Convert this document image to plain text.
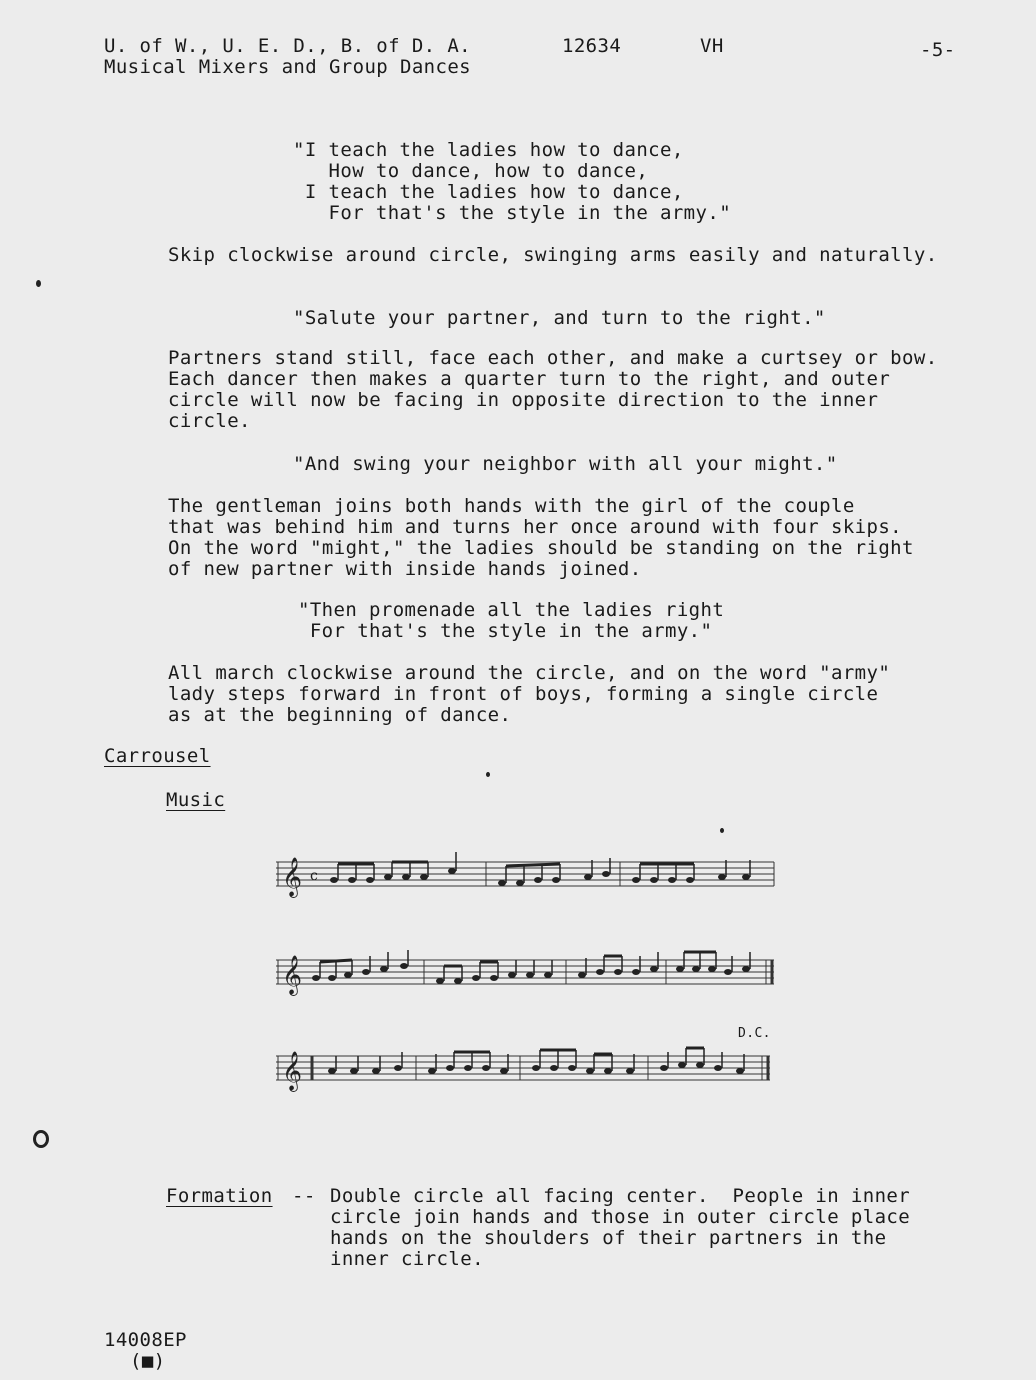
U. of W., U. E. D., B. of D. A.	12634	VH	-5-
Musical Mixers and Group Dances
"I teach the ladies how to dance,
How to dance, how to dance,
I teach the ladies how to dance,
For that's the style in the army."
Skip clockwise around circle, swinging arms easily and naturally.
"Salute your partner, and turn to the right."
Partners stand still, face each other, and make a curtsey or bow.
Each dancer then makes a quarter turn to the right, and outer
circle will now be facing in opposite direction to the inner
circle.
"And swing your neighbor with all your might."
The gentleman joins both hands with the girl of the couple
that was behind him and turns her once around with four skips.
On the word "might," the ladies should be standing on the right
of new partner with inside hands joined.
"Then promenade all the ladies right
For that's the style in the army."
All march clockwise around the circle, and on the word "army"
lady steps forward in front of boys, forming a single circle
as at the beginning of dance.
Carrousel
Music
𝄞 c
𝄞
𝄞
D.C.
Formation -- Double circle all facing center.  People in inner
circle join hands and those in outer circle place
hands on the shoulders of their partners in the
inner circle.
14008EP
(■)
